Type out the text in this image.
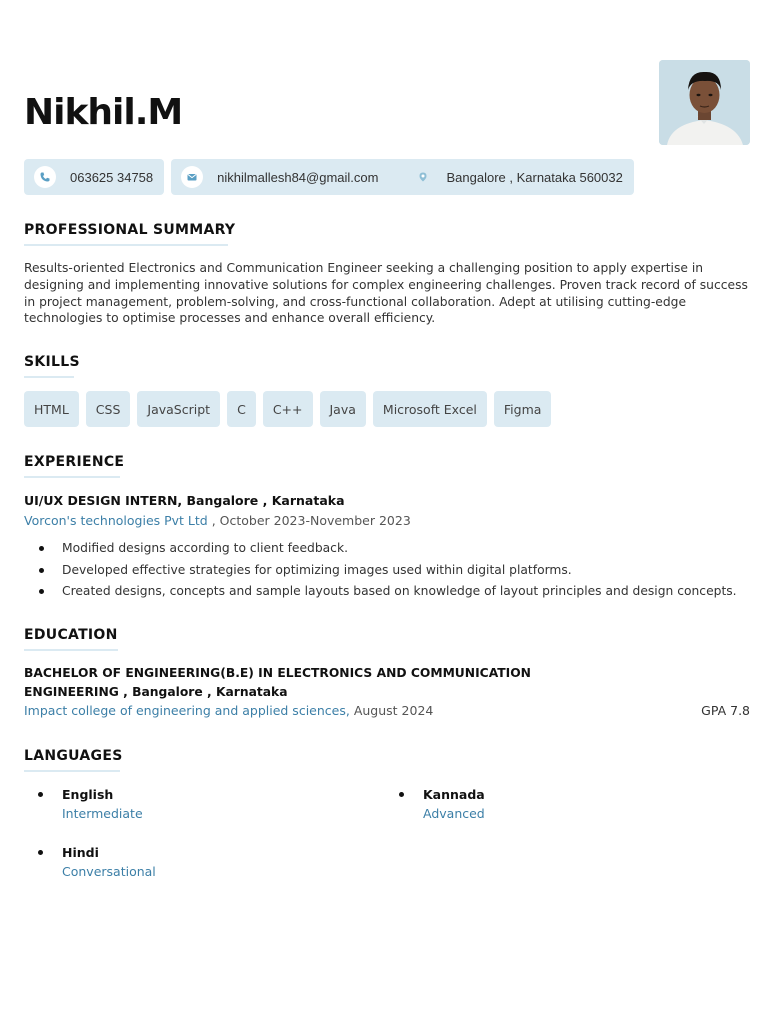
Nikhil.M
063625 34758	nikhilmallesh84@gmail.com	Bangalore , Karnataka 560032
PROFESSIONAL SUMMARY
Results-oriented Electronics and Communication Engineer seeking a challenging position to apply expertise in designing and implementing innovative solutions for complex engineering challenges. Proven track record of success in project management, problem-solving, and cross-functional collaboration. Adept at utilising cutting-edge technologies to optimise processes and enhance overall efficiency.
SKILLS
HTML	CSS	JavaScript	C	C++	Java	Microsoft Excel	Figma
EXPERIENCE
UI/UX DESIGN INTERN, Bangalore , Karnataka
Vorcon's technologies Pvt Ltd , October 2023-November 2023
Modified designs according to client feedback.
Developed effective strategies for optimizing images used within digital platforms.
Created designs, concepts and sample layouts based on knowledge of layout principles and design concepts.
EDUCATION
BACHELOR OF ENGINEERING(B.E) IN ELECTRONICS AND COMMUNICATION
ENGINEERING , Bangalore , Karnataka
Impact college of engineering and applied sciences, August 2024	GPA 7.8
LANGUAGES
English
Intermediate
Kannada
Advanced
Hindi
Conversational
